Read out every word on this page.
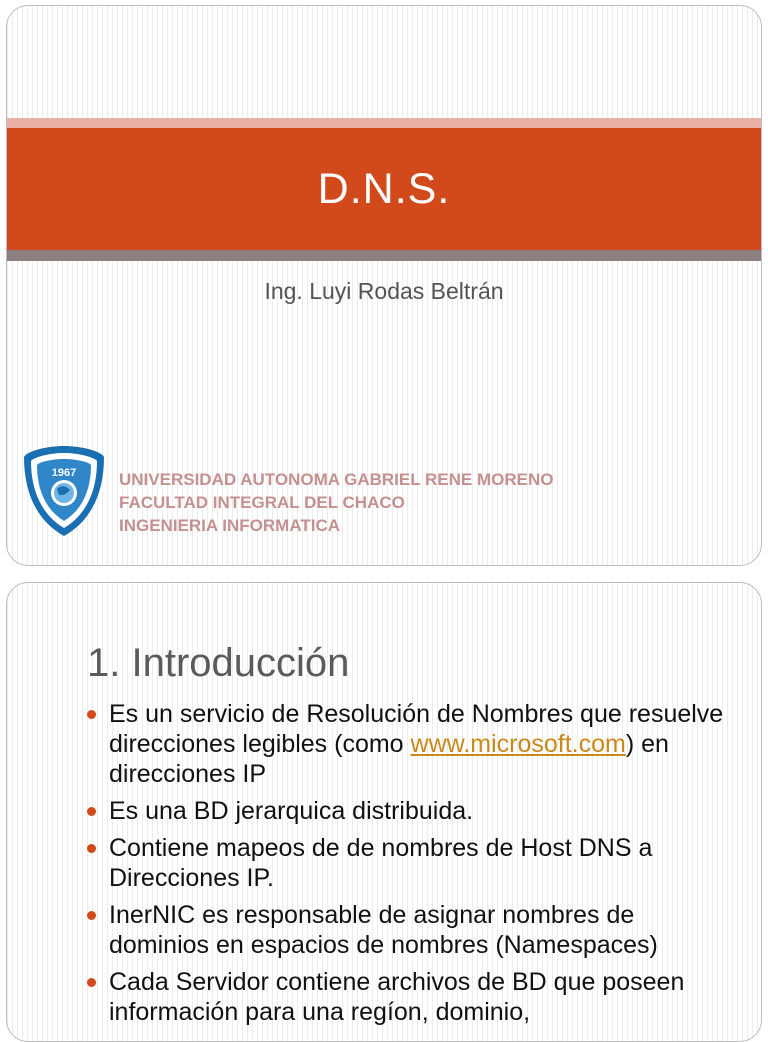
D.N.S.
Ing. Luyi Rodas Beltrán
1967	UNIVERSIDAD AUTONOMA GABRIEL RENE MORENO
FACULTAD INTEGRAL DEL CHACO
INGENIERIA INFORMATICA
1. Introducción
Es un servicio de Resolución de Nombres que resuelve direcciones legibles (como www.microsoft.com) en direcciones IP
Es una BD jerarquica distribuida.
Contiene mapeos de de nombres de Host DNS a Direcciones IP.
InerNIC es responsable de asignar nombres de dominios en espacios de nombres (Namespaces)
Cada Servidor contiene archivos de BD que poseen información para una regíon, dominio,
